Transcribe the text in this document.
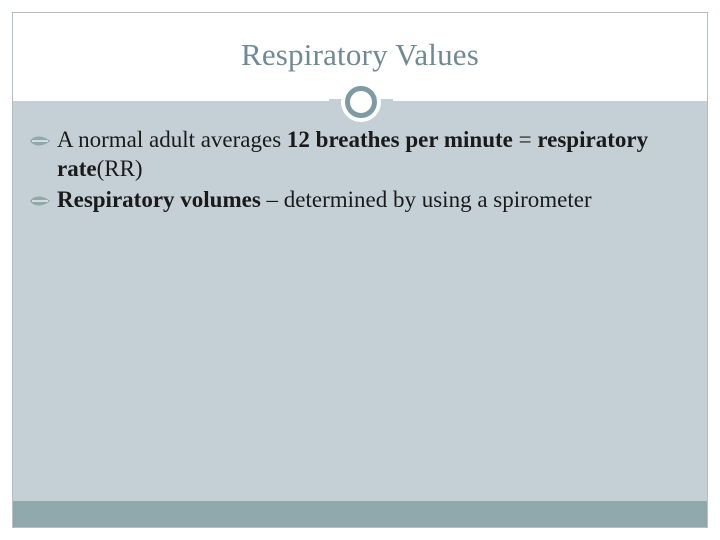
Respiratory Values
A normal adult averages 12 breathes per minute = respiratory rate(RR)
Respiratory volumes – determined by using a spirometer
